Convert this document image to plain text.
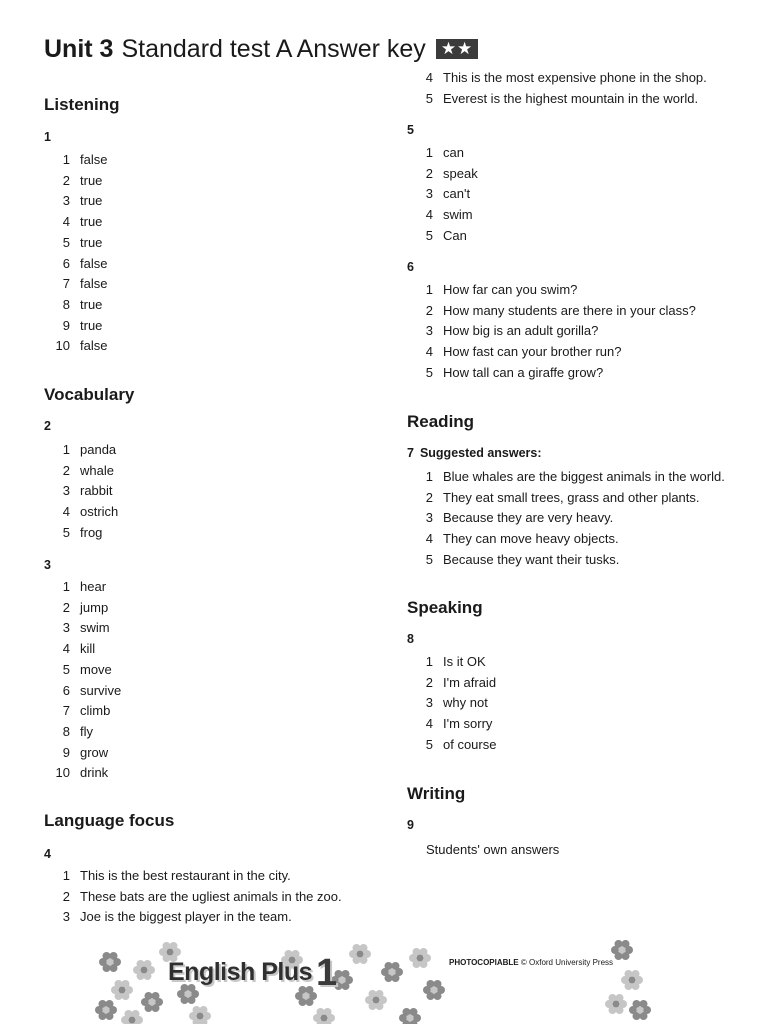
Unit 3 Standard test A Answer key ★★
Listening
1
1 false
2 true
3 true
4 true
5 true
6 false
7 false
8 true
9 true
10 false
Vocabulary
2
1 panda
2 whale
3 rabbit
4 ostrich
5 frog
3
1 hear
2 jump
3 swim
4 kill
5 move
6 survive
7 climb
8 fly
9 grow
10 drink
Language focus
4
1 This is the best restaurant in the city.
2 These bats are the ugliest animals in the zoo.
3 Joe is the biggest player in the team.
4 This is the most expensive phone in the shop.
5 Everest is the highest mountain in the world.
5
1 can
2 speak
3 can't
4 swim
5 Can
6
1 How far can you swim?
2 How many students are there in your class?
3 How big is an adult gorilla?
4 How fast can your brother run?
5 How tall can a giraffe grow?
Reading
7 Suggested answers:
1 Blue whales are the biggest animals in the world.
2 They eat small trees, grass and other plants.
3 Because they are very heavy.
4 They can move heavy objects.
5 Because they want their tusks.
Speaking
8
1 Is it OK
2 I'm afraid
3 why not
4 I'm sorry
5 of course
Writing
9
Students' own answers
English Plus 1	PHOTOCOPIABLE © Oxford University Press
